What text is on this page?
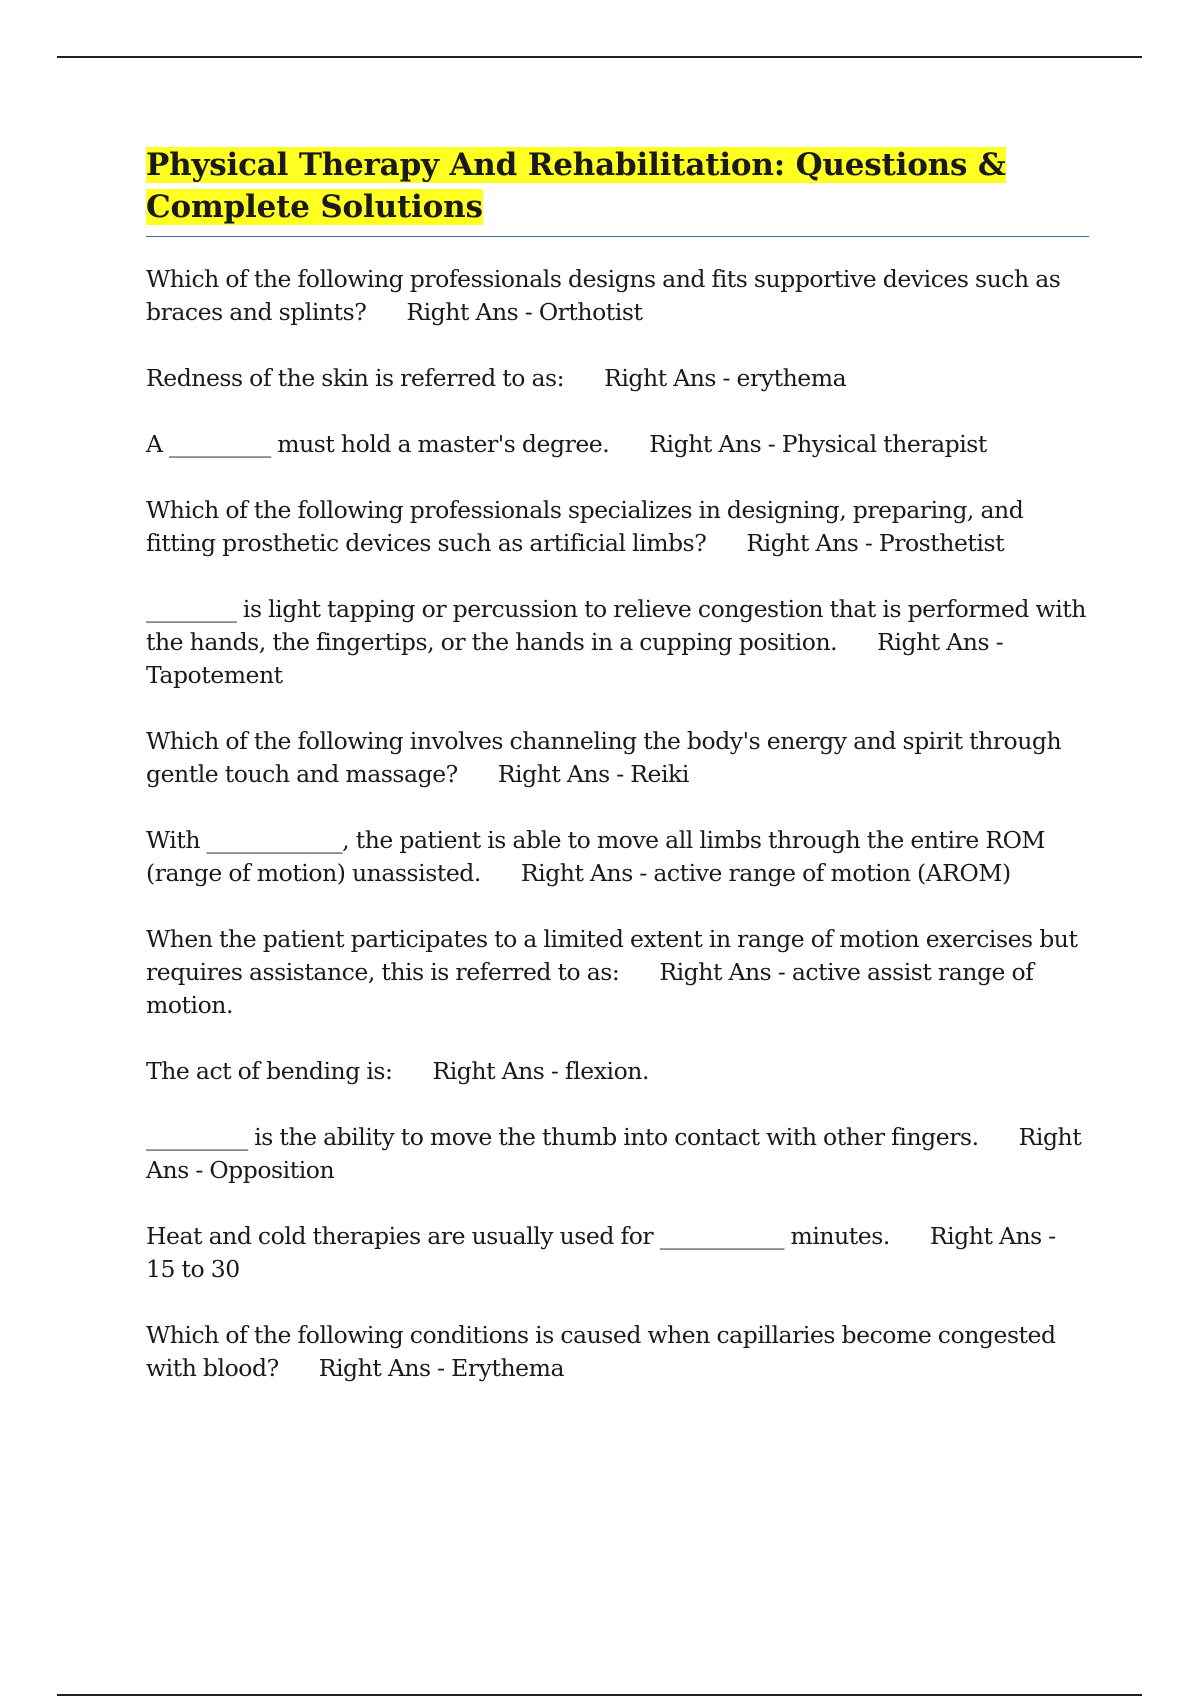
Physical Therapy And Rehabilitation: Questions & Complete Solutions

Which of the following professionals designs and fits supportive devices such as braces and splints? Right Ans - Orthotist

Redness of the skin is referred to as: Right Ans - erythema

A _________ must hold a master's degree. Right Ans - Physical therapist

Which of the following professionals specializes in designing, preparing, and fitting prosthetic devices such as artificial limbs? Right Ans - Prosthetist

________ is light tapping or percussion to relieve congestion that is performed with the hands, the fingertips, or the hands in a cupping position. Right Ans - Tapotement

Which of the following involves channeling the body's energy and spirit through gentle touch and massage? Right Ans - Reiki

With ____________, the patient is able to move all limbs through the entire ROM (range of motion) unassisted. Right Ans - active range of motion (AROM)

When the patient participates to a limited extent in range of motion exercises but requires assistance, this is referred to as: Right Ans - active assist range of motion.

The act of bending is: Right Ans - flexion.

_________ is the ability to move the thumb into contact with other fingers. Right Ans - Opposition

Heat and cold therapies are usually used for ___________ minutes. Right Ans - 15 to 30

Which of the following conditions is caused when capillaries become congested with blood? Right Ans - Erythema
